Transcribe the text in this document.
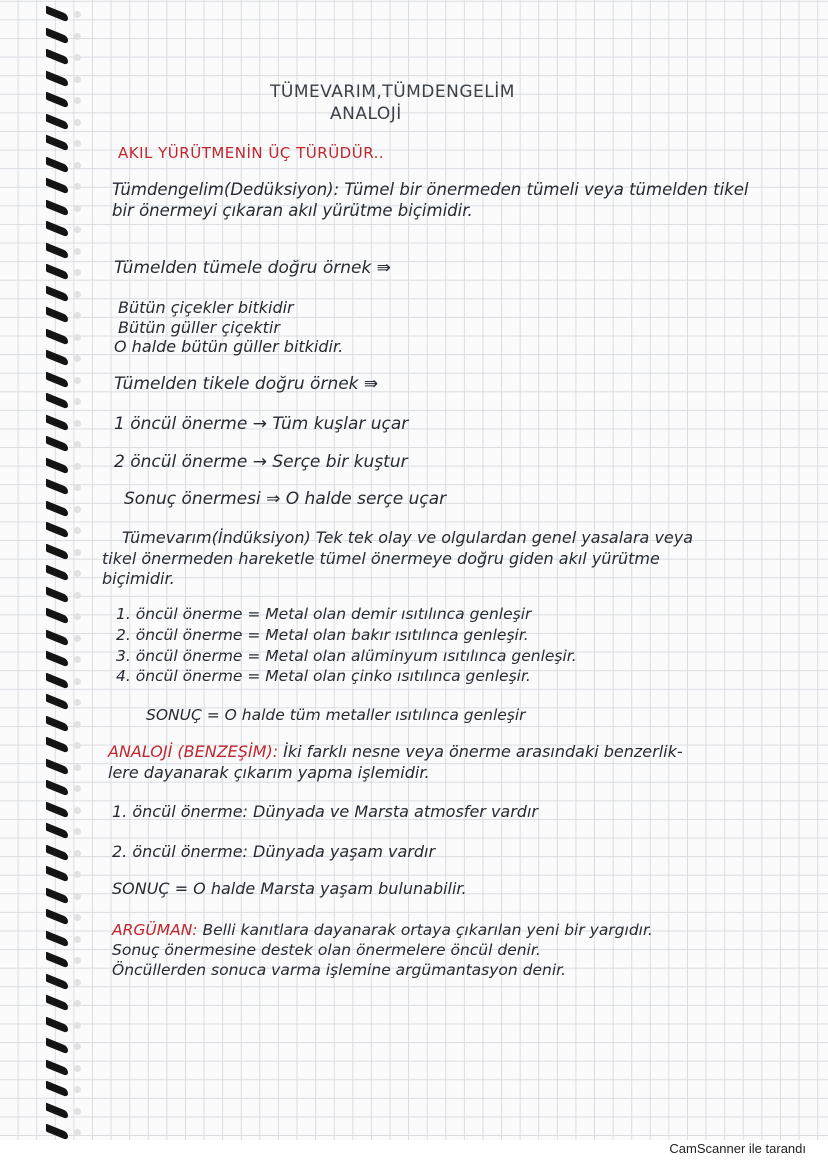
TÜMEVARIM,TÜMDENGELİM

ANALOJİ

AKIL YÜRÜTMENİN ÜÇ TÜRÜDÜR..

Tümdengelim(Dedüksiyon): Tümel bir önermeden tümeli veya tümelden tikel

bir önermeyi çıkaran akıl yürütme biçimidir.

Tümelden tümele doğru örnek ⇛

Bütün çiçekler bitkidir

Bütün güller çiçektir

O halde bütün güller bitkidir.

Tümelden tikele doğru örnek ⇛

1 öncül önerme → Tüm kuşlar uçar

2 öncül önerme → Serçe bir kuştur

Sonuç önermesi ⇒ O halde serçe uçar

Tümevarım(İndüksiyon) Tek tek olay ve olgulardan genel yasalara veya

tikel önermeden hareketle tümel önermeye doğru giden akıl yürütme

biçimidir.

1. öncül önerme = Metal olan demir ısıtılınca genleşir

2. öncül önerme = Metal olan bakır ısıtılınca genleşir.

3. öncül önerme = Metal olan alüminyum ısıtılınca genleşir.

4. öncül önerme = Metal olan çinko ısıtılınca genleşir.

SONUÇ = O halde tüm metaller ısıtılınca genleşir

ANALOJİ (BENZEŞİM): İki farklı nesne veya önerme arasındaki benzerlik-

lere dayanarak çıkarım yapma işlemidir.

1. öncül önerme: Dünyada ve Marsta atmosfer vardır

2. öncül önerme: Dünyada yaşam vardır

SONUÇ = O halde Marsta yaşam bulunabilir.

ARGÜMAN: Belli kanıtlara dayanarak ortaya çıkarılan yeni bir yargıdır.

Sonuç önermesine destek olan önermelere öncül denir.

Öncüllerden sonuca varma işlemine argümantasyon denir.

CamScanner ile tarandı
